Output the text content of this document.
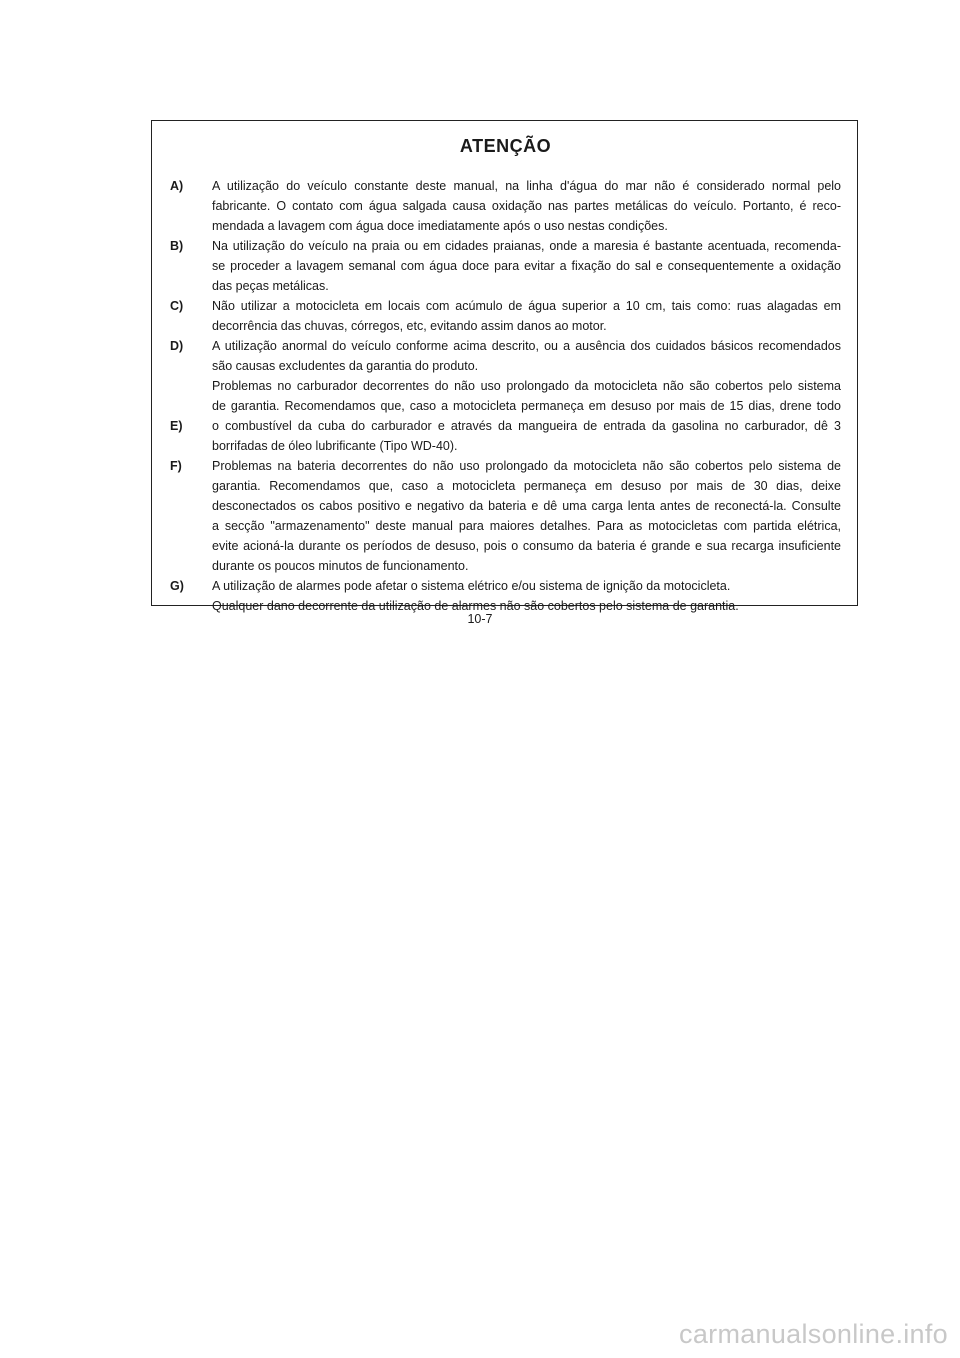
ATENÇÃO
A)	A utilização do veículo constante deste manual, na linha d'água do mar não é considerado normal pelo
fabricante. O contato com água salgada causa oxidação nas partes metálicas do veículo. Portanto, é reco-
mendada a lavagem com água doce imediatamente após o uso nestas condições.
B)	Na utilização do veículo na praia ou em cidades praianas, onde a maresia é bastante acentuada, recomenda-
se proceder a lavagem semanal com água doce para evitar a fixação do sal e consequentemente a oxidação
das peças metálicas.
C)	Não utilizar a motocicleta em locais com acúmulo de água superior a 10 cm, tais como: ruas alagadas em
decorrência das chuvas, córregos, etc, evitando assim danos ao motor.
D)	A utilização anormal do veículo conforme acima descrito, ou a ausência dos cuidados básicos recomendados
são causas excludentes da garantia do produto.
E)
Problemas no carburador decorrentes do não uso prolongado da motocicleta não são cobertos pelo sistema
de garantia. Recomendamos que, caso a motocicleta permaneça em desuso por mais de 15 dias, drene todo
o combustível da cuba do carburador e através da mangueira de entrada da gasolina no carburador, dê 3
borrifadas de óleo lubrificante (Tipo WD-40).
F)	Problemas na bateria decorrentes do não uso prolongado da motocicleta não são cobertos pelo sistema de
garantia. Recomendamos que, caso a motocicleta permaneça em desuso por mais de 30 dias, deixe
desconectados os cabos positivo e negativo da bateria e dê uma carga lenta antes de reconectá-la. Consulte
a secção "armazenamento" deste manual para maiores detalhes. Para as motocicletas com partida elétrica,
evite acioná-la durante os períodos de desuso, pois o consumo da bateria é grande e sua recarga insuficiente
durante os poucos minutos de funcionamento.
G)	A utilização de alarmes pode afetar o sistema elétrico e/ou sistema de ignição da motocicleta.
Qualquer dano decorrente da utilização de alarmes não são cobertos pelo sistema de garantia.
10-7
carmanualsonline.info
